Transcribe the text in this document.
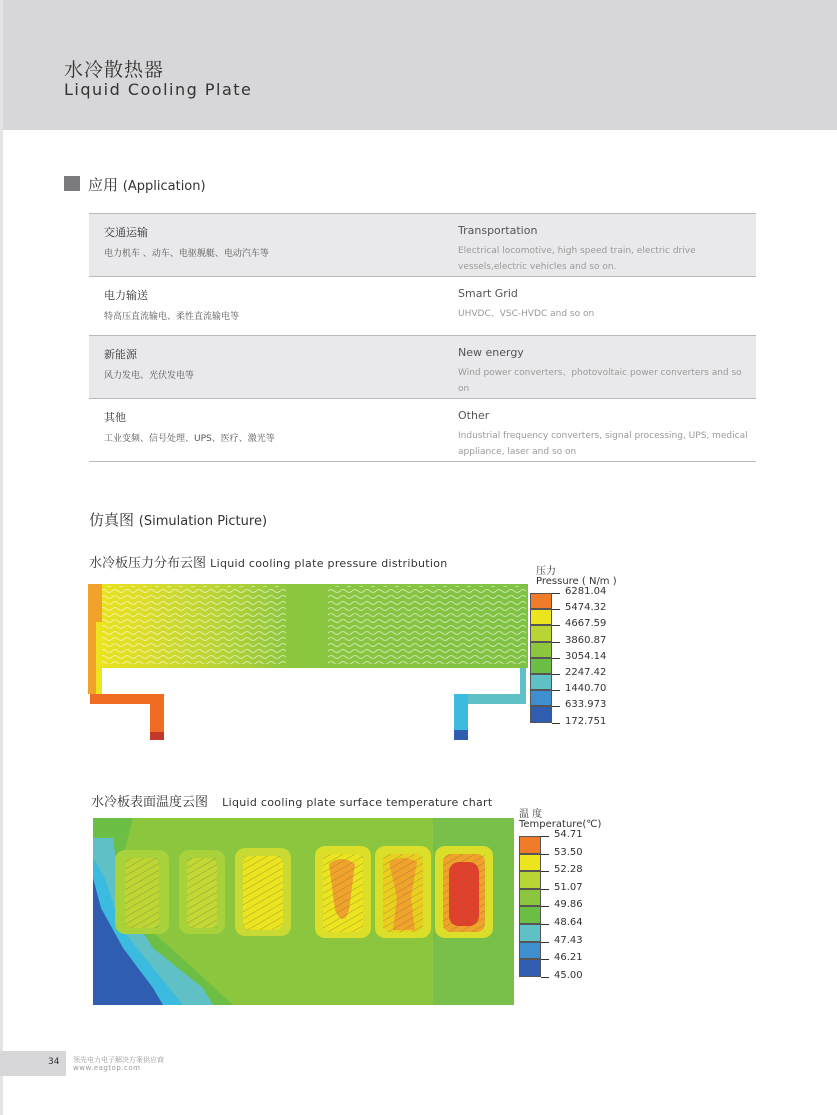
水冷散热器
Liquid Cooling Plate
应用 (Application)
交通运输
电力机车 、动车、电驱舰艇、电动汽车等	Transportation
Electrical locomotive, high speed train, electric drive vessels,electric vehicles and so on.

电力输送
特高压直流输电、柔性直流输电等	Smart Grid
UHVDC、VSC-HVDC and so on

新能源
风力发电、光伏发电等	New energy
Wind power converters、photovoltaic power converters and so on

其他
工业变频、信号处理、UPS、医疗、激光等	Other
Industrial frequency converters, signal processing, UPS, medical appliance, laser and so on
仿真图 (Simulation Picture)
水冷板压力分布云图 Liquid cooling plate pressure distribution
压力
Pressure ( N/m )
6281.04
5474.32
4667.59
3860.87
3054.14
2247.42
1440.70
633.973
172.751
水冷板表面温度云图 Liquid cooling plate surface temperature chart
温 度
Temperature(℃)
54.71
53.50
52.28
51.07
49.86
48.64
47.43
46.21
45.00
34 领先电力电子解决方案供应商
www.eagtop.com
